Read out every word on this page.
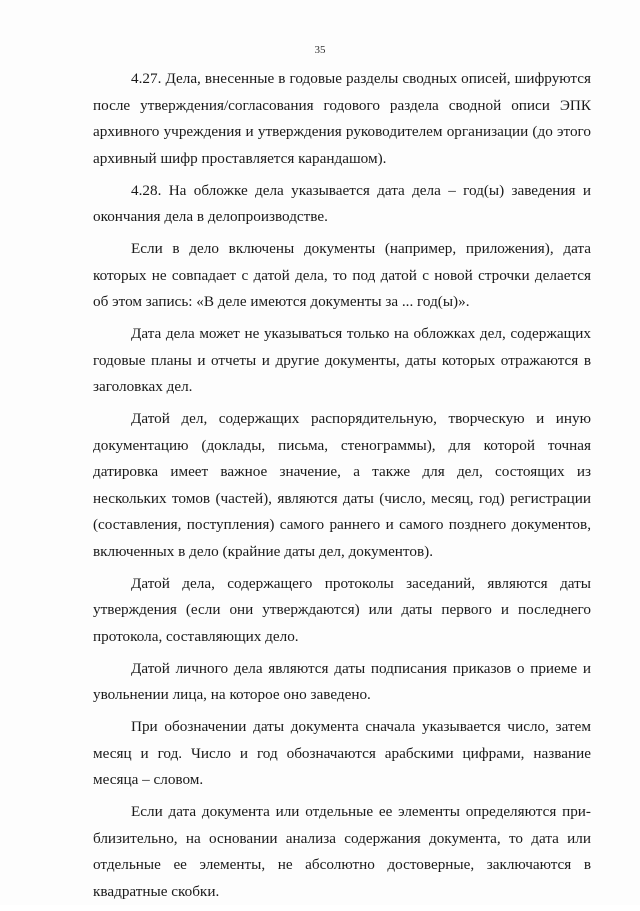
35

4.27. Дела, внесенные в годовые разделы сводных описей, шифруются после утверждения/согласования годового раздела сводной описи ЭПК архивного учреждения и утверждения руководителем организации (до этого архивный шифр проставляется карандашом).

4.28. На обложке дела указывается дата дела – год(ы) заведения и окончания дела в делопроизводстве.

Если в дело включены документы (например, приложения), дата которых не совпадает с датой дела, то под датой с новой строчки делается об этом запись: «В деле имеются документы за ... год(ы)».

Дата дела может не указываться только на обложках дел, содержащих годовые планы и отчеты и другие документы, даты которых отражаются в заголовках дел.

Датой дел, содержащих распорядительную, творческую и иную документацию (доклады, письма, стенограммы), для которой точная датировка имеет важное значение, а также для дел, состоящих из нескольких томов (частей), являются даты (число, месяц, год) регистрации (составления, поступления) самого раннего и самого позднего документов, включенных в дело (крайние даты дел, документов).

Датой дела, содержащего протоколы заседаний, являются даты утверждения (если они утверждаются) или даты первого и последнего протокола, составляющих дело.

Датой личного дела являются даты подписания приказов о приеме и увольнении лица, на которое оно заведено.

При обозначении даты документа сначала указывается число, затем месяц и год. Число и год обозначаются арабскими цифрами, название месяца – словом.

Если дата документа или отдельные ее элементы определяются при-близительно, на основании анализа содержания документа, то дата или отдельные ее элементы, не абсолютно достоверные, заключаются в квадратные скобки.
